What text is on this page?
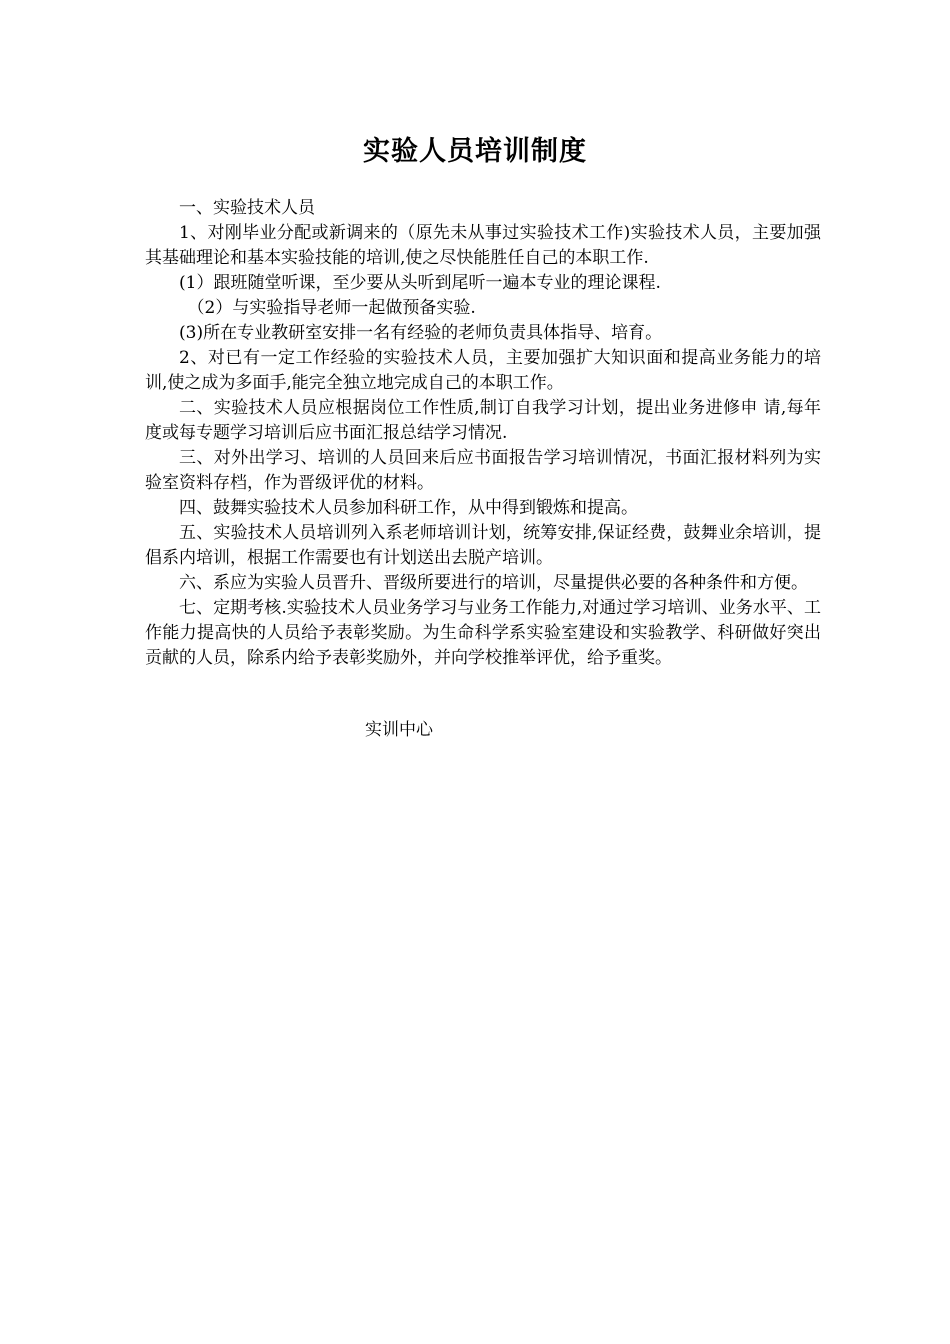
实验人员培训制度

一、实验技术人员

1、对刚毕业分配或新调来的（原先未从事过实验技术工作)实验技术人员，主要加强其基础理论和基本实验技能的培训,使之尽快能胜任自己的本职工作.

(1）跟班随堂听课，至少要从头听到尾听一遍本专业的理论课程.

（2）与实验指导老师一起做预备实验.

(3)所在专业教研室安排一名有经验的老师负责具体指导、培育。

2、对已有一定工作经验的实验技术人员，主要加强扩大知识面和提高业务能力的培训,使之成为多面手,能完全独立地完成自己的本职工作。

二、实验技术人员应根据岗位工作性质,制订自我学习计划，提出业务进修申 请,每年度或每专题学习培训后应书面汇报总结学习情况.

三、对外出学习、培训的人员回来后应书面报告学习培训情况，书面汇报材料列为实验室资料存档，作为晋级评优的材料。

四、鼓舞实验技术人员参加科研工作，从中得到锻炼和提高。

五、实验技术人员培训列入系老师培训计划，统筹安排,保证经费，鼓舞业余培训，提倡系内培训，根据工作需要也有计划送出去脱产培训。

六、系应为实验人员晋升、晋级所要进行的培训，尽量提供必要的各种条件和方便。

七、定期考核.实验技术人员业务学习与业务工作能力,对通过学习培训、业务水平、工作能力提高快的人员给予表彰奖励。为生命科学系实验室建设和实验教学、科研做好突出贡献的人员，除系内给予表彰奖励外，并向学校推举评优，给予重奖。

实训中心
